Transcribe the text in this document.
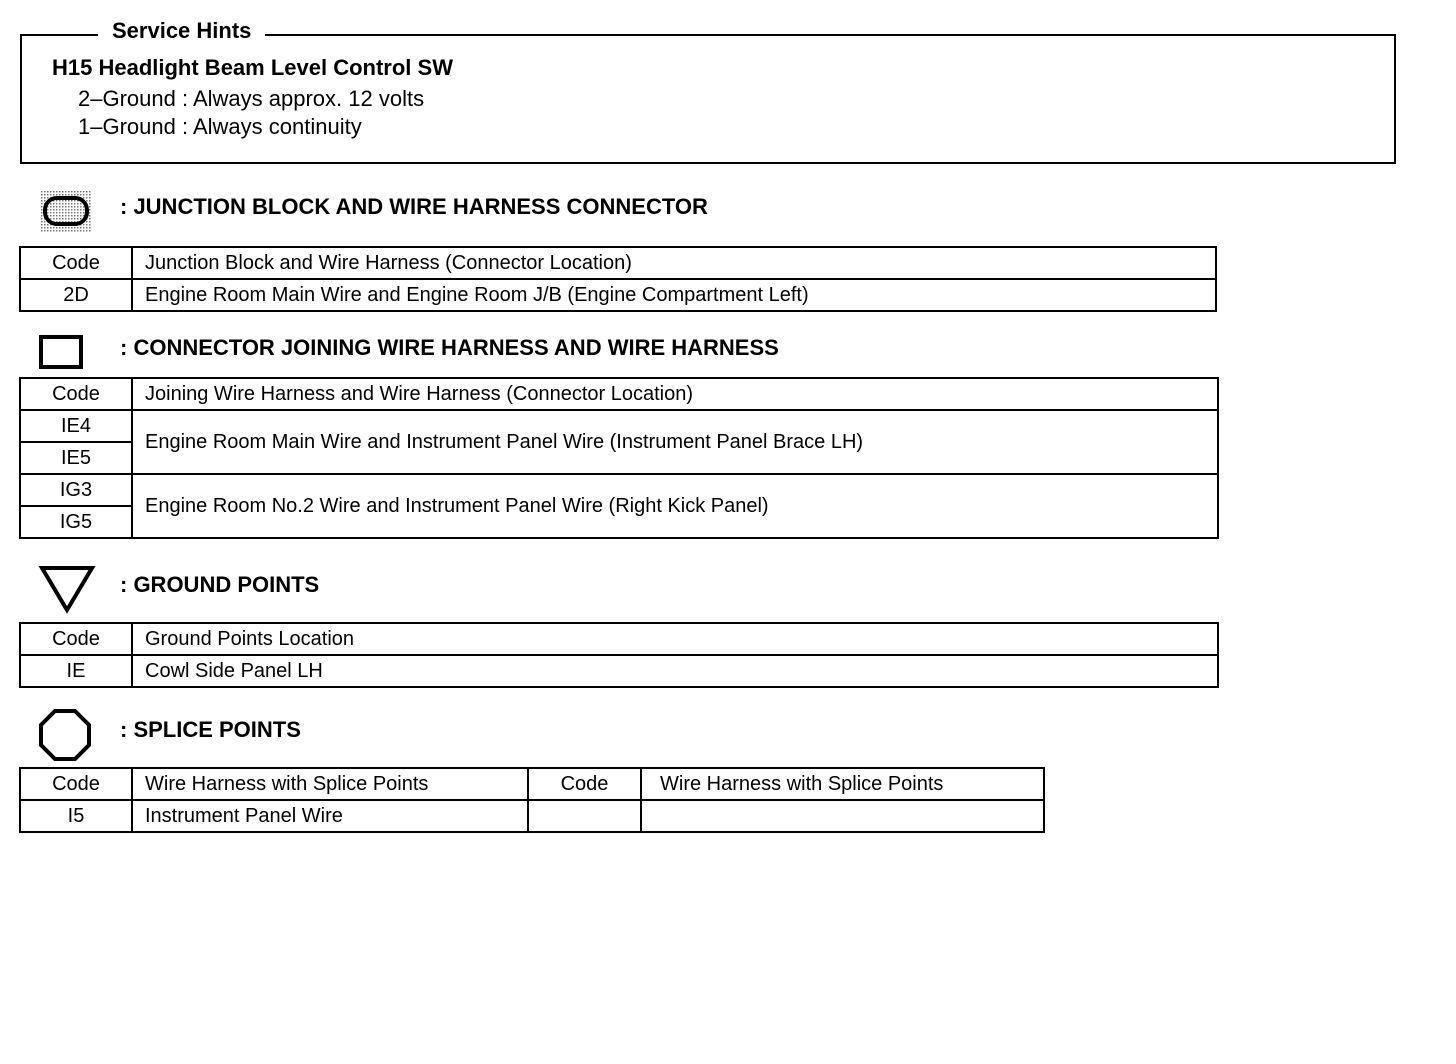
Service Hints
H15 Headlight Beam Level Control SW
2–Ground : Always approx. 12 volts
1–Ground : Always continuity
: JUNCTION BLOCK AND WIRE HARNESS CONNECTOR
Code	Junction Block and Wire Harness (Connector Location)
2D	Engine Room Main Wire and Engine Room J/B (Engine Compartment Left)
: CONNECTOR JOINING WIRE HARNESS AND WIRE HARNESS
Code	Joining Wire Harness and Wire Harness (Connector Location)
IE4	Engine Room Main Wire and Instrument Panel Wire (Instrument Panel Brace LH)
IE5	
IG3	Engine Room No.2 Wire and Instrument Panel Wire (Right Kick Panel)
IG5	
: GROUND POINTS
Code	Ground Points Location
IE	Cowl Side Panel LH
: SPLICE POINTS
Code	Wire Harness with Splice Points	Code	Wire Harness with Splice Points
I5	Instrument Panel Wire		
